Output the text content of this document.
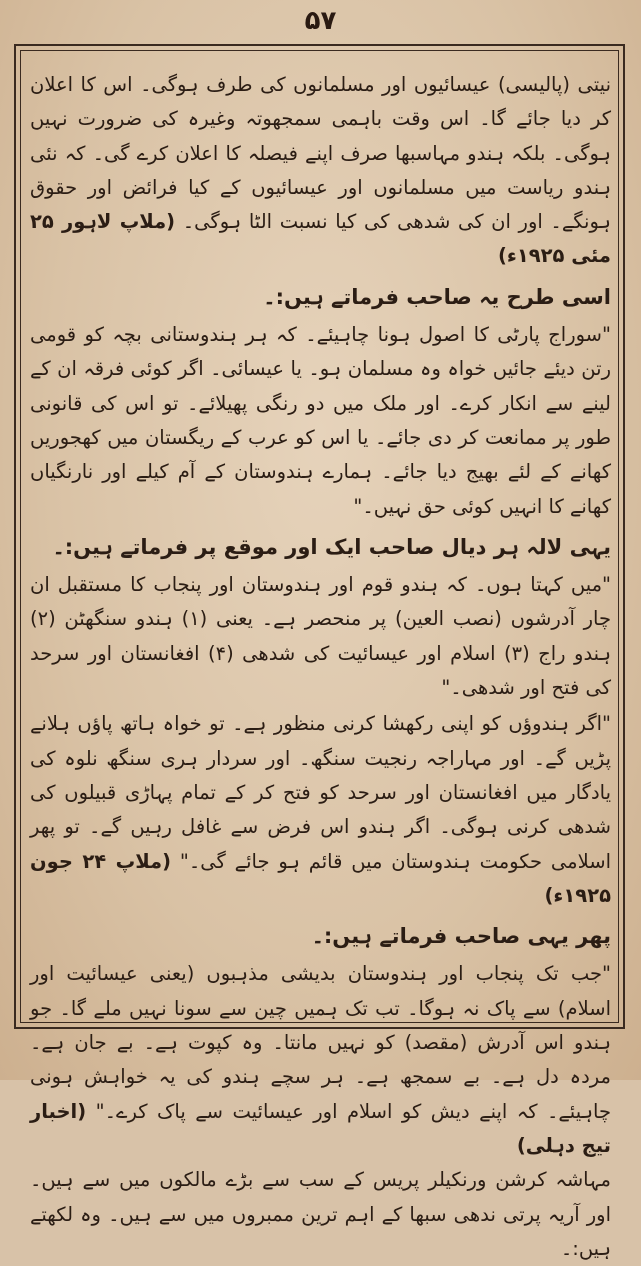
۵۷

نیتی (پالیسی) عیسائیوں اور مسلمانوں کی طرف ہوگی۔ اس کا اعلان کر دیا جائے گا۔ اس وقت باہمی سمجھوتہ وغیرہ کی ضرورت نہیں ہوگی۔ بلکہ ہندو مہاسبھا صرف اپنے فیصلہ کا اعلان کرے گی۔ کہ نئی ہندو ریاست میں مسلمانوں اور عیسائیوں کے کیا فرائض اور حقوق ہونگے۔ اور ان کی شدھی کی کیا نسبت الٹا ہوگی۔ (ملاپ لاہور ۲۵ مئی ۱۹۲۵ء)

اسی طرح یہ صاحب فرماتے ہیں:۔

"سوراج پارٹی کا اصول ہونا چاہیئے۔ کہ ہر ہندوستانی بچہ کو قومی رتن دیئے جائیں خواہ وہ مسلمان ہو۔ یا عیسائی۔ اگر کوئی فرقہ ان کے لینے سے انکار کرے۔ اور ملک میں دو رنگی پھیلائے۔ تو اس کی قانونی طور پر ممانعت کر دی جائے۔ یا اس کو عرب کے ریگستان میں کھجوریں کھانے کے لئے بھیج دیا جائے۔ ہمارے ہندوستان کے آم کیلے اور نارنگیاں کھانے کا انہیں کوئی حق نہیں۔"

یہی لالہ ہر دیال صاحب ایک اور موقع پر فرماتے ہیں:۔

"میں کہتا ہوں۔ کہ ہندو قوم اور ہندوستان اور پنجاب کا مستقبل ان چار آدرشوں (نصب العین) پر منحصر ہے۔ یعنی (۱) ہندو سنگھٹن (۲) ہندو راج (۳) اسلام اور عیسائیت کی شدھی (۴) افغانستان اور سرحد کی فتح اور شدھی۔"

"اگر ہندوؤں کو اپنی رکھشا کرنی منظور ہے۔ تو خواہ ہاتھ پاؤں ہلانے پڑیں گے۔ اور مہاراجہ رنجیت سنگھ۔ اور سردار ہری سنگھ نلوہ کی یادگار میں افغانستان اور سرحد کو فتح کر کے تمام پہاڑی قبیلوں کی شدھی کرنی ہوگی۔ اگر ہندو اس فرض سے غافل رہیں گے۔ تو پھر اسلامی حکومت ہندوستان میں قائم ہو جائے گی۔" (ملاپ ۲۴ جون ۱۹۲۵ء)

پھر یہی صاحب فرماتے ہیں:۔

"جب تک پنجاب اور ہندوستان بدیشی مذہبوں (یعنی عیسائیت اور اسلام) سے پاک نہ ہوگا۔ تب تک ہمیں چین سے سونا نہیں ملے گا۔ جو ہندو اس آدرش (مقصد) کو نہیں مانتا۔ وہ کپوت ہے۔ بے جان ہے۔ مردہ دل ہے۔ بے سمجھ ہے۔ ہر سچے ہندو کی یہ خواہش ہونی چاہیئے۔ کہ اپنے دیش کو اسلام اور عیسائیت سے پاک کرے۔" (اخبار تیج دہلی)

مہاشہ کرشن ورنکیلر پریس کے سب سے بڑے مالکوں میں سے ہیں۔ اور آریہ پرتی ندھی سبھا کے اہم ترین ممبروں میں سے ہیں۔ وہ لکھتے ہیں:۔
